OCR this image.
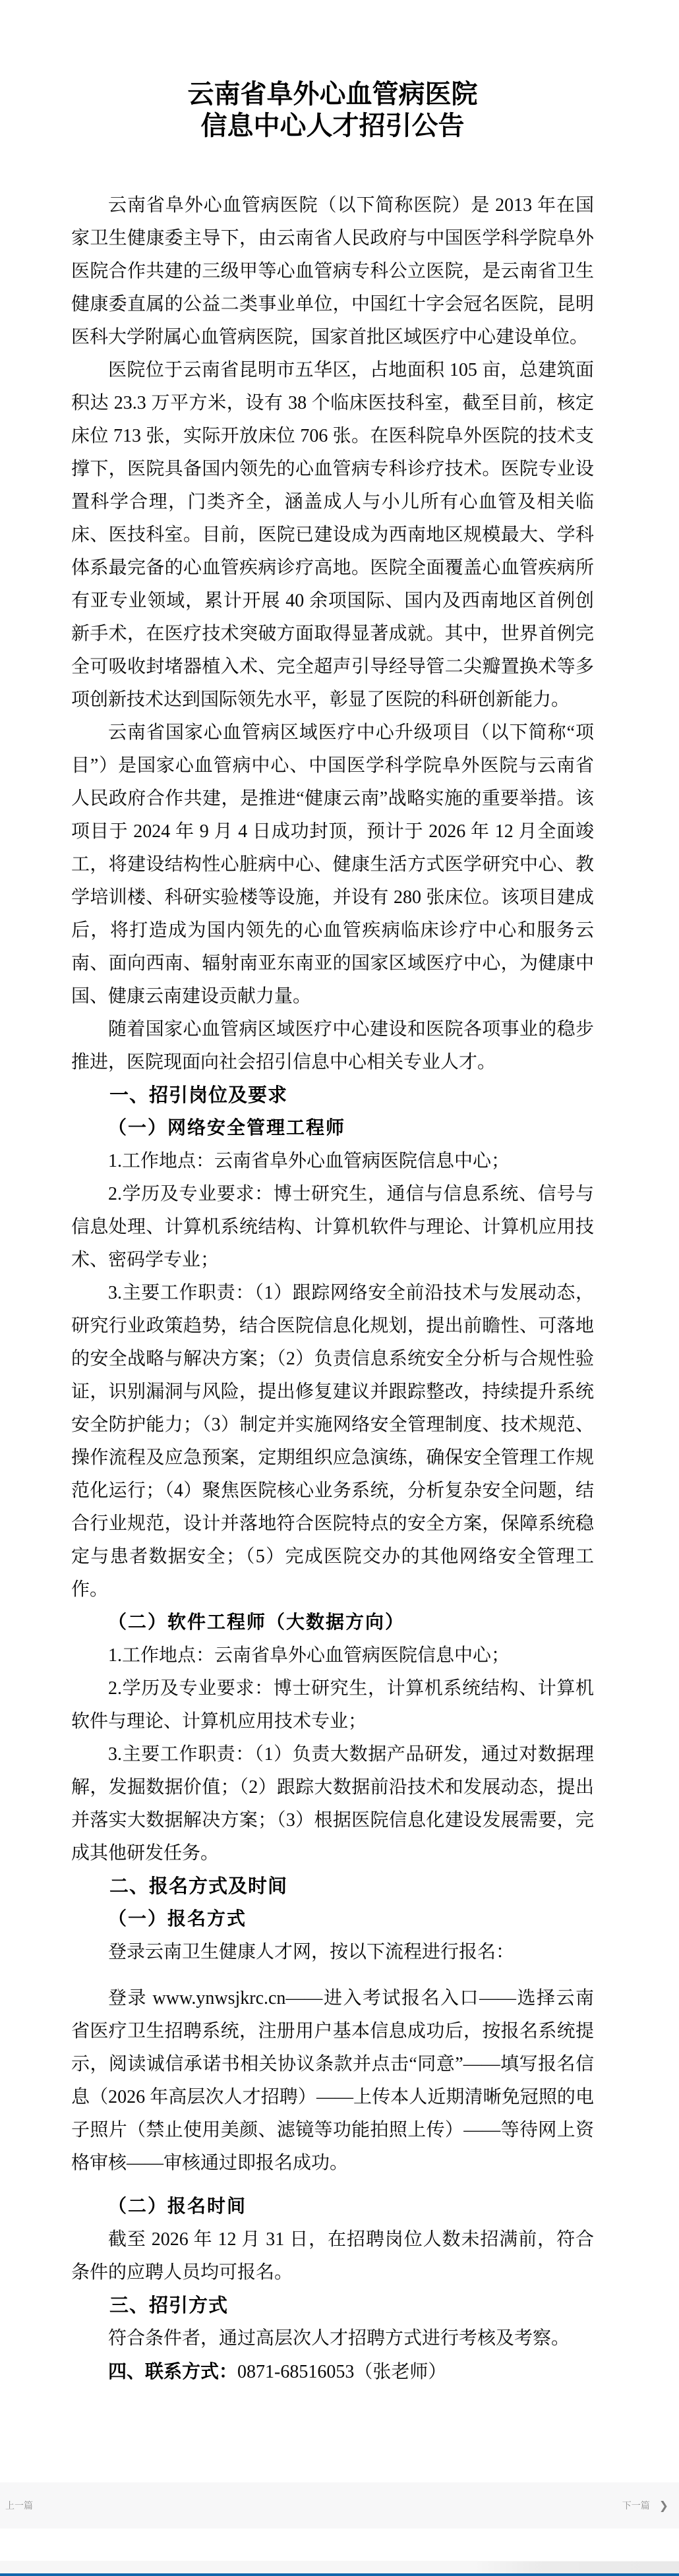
云南省阜外心血管病医院
信息中心人才招引公告

云南省阜外心血管病医院（以下简称医院）是 2013 年在国家卫生健康委主导下，由云南省人民政府与中国医学科学院阜外医院合作共建的三级甲等心血管病专科公立医院，是云南省卫生健康委直属的公益二类事业单位，中国红十字会冠名医院，昆明医科大学附属心血管病医院，国家首批区域医疗中心建设单位。

医院位于云南省昆明市五华区，占地面积 105 亩，总建筑面积达 23.3 万平方米，设有 38 个临床医技科室，截至目前，核定床位 713 张，实际开放床位 706 张。在医科院阜外医院的技术支撑下，医院具备国内领先的心血管病专科诊疗技术。医院专业设置科学合理，门类齐全，涵盖成人与小儿所有心血管及相关临床、医技科室。目前，医院已建设成为西南地区规模最大、学科体系最完备的心血管疾病诊疗高地。医院全面覆盖心血管疾病所有亚专业领域，累计开展 40 余项国际、国内及西南地区首例创新手术，在医疗技术突破方面取得显著成就。其中，世界首例完全可吸收封堵器植入术、完全超声引导经导管二尖瓣置换术等多项创新技术达到国际领先水平，彰显了医院的科研创新能力。

云南省国家心血管病区域医疗中心升级项目（以下简称“项目”）是国家心血管病中心、中国医学科学院阜外医院与云南省人民政府合作共建，是推进“健康云南”战略实施的重要举措。该项目于 2024 年 9 月 4 日成功封顶，预计于 2026 年 12 月全面竣工，将建设结构性心脏病中心、健康生活方式医学研究中心、教学培训楼、科研实验楼等设施，并设有 280 张床位。该项目建成后，将打造成为国内领先的心血管疾病临床诊疗中心和服务云南、面向西南、辐射南亚东南亚的国家区域医疗中心，为健康中国、健康云南建设贡献力量。

随着国家心血管病区域医疗中心建设和医院各项事业的稳步推进，医院现面向社会招引信息中心相关专业人才。

一、招引岗位及要求
（一）网络安全管理工程师

1.工作地点：云南省阜外心血管病医院信息中心；

2.学历及专业要求：博士研究生，通信与信息系统、信号与信息处理、计算机系统结构、计算机软件与理论、计算机应用技术、密码学专业；

3.主要工作职责：（1）跟踪网络安全前沿技术与发展动态，研究行业政策趋势，结合医院信息化规划，提出前瞻性、可落地的安全战略与解决方案；（2）负责信息系统安全分析与合规性验证，识别漏洞与风险，提出修复建议并跟踪整改，持续提升系统安全防护能力；（3）制定并实施网络安全管理制度、技术规范、操作流程及应急预案，定期组织应急演练，确保安全管理工作规范化运行；（4）聚焦医院核心业务系统，分析复杂安全问题，结合行业规范，设计并落地符合医院特点的安全方案，保障系统稳定与患者数据安全；（5）完成医院交办的其他网络安全管理工作。

（二）软件工程师（大数据方向）

1.工作地点：云南省阜外心血管病医院信息中心；

2.学历及专业要求：博士研究生，计算机系统结构、计算机软件与理论、计算机应用技术专业；

3.主要工作职责：（1）负责大数据产品研发，通过对数据理解，发掘数据价值；（2）跟踪大数据前沿技术和发展动态，提出并落实大数据解决方案；（3）根据医院信息化建设发展需要，完成其他研发任务。

二、报名方式及时间
（一）报名方式

登录云南卫生健康人才网，按以下流程进行报名：

登录 www.ynwsjkrc.cn——进入考试报名入口——选择云南省医疗卫生招聘系统，注册用户基本信息成功后，按报名系统提示，阅读诚信承诺书相关协议条款并点击“同意”——填写报名信息（2026 年高层次人才招聘）——上传本人近期清晰免冠照的电子照片（禁止使用美颜、滤镜等功能拍照上传）——等待网上资格审核——审核通过即报名成功。

（二）报名时间

截至 2026 年 12 月 31 日，在招聘岗位人数未招满前，符合条件的应聘人员均可报名。

三、招引方式

符合条件者，通过高层次人才招聘方式进行考核及考察。

四、联系方式：0871-68516053（张老师）

上一篇	下一篇 ❯
